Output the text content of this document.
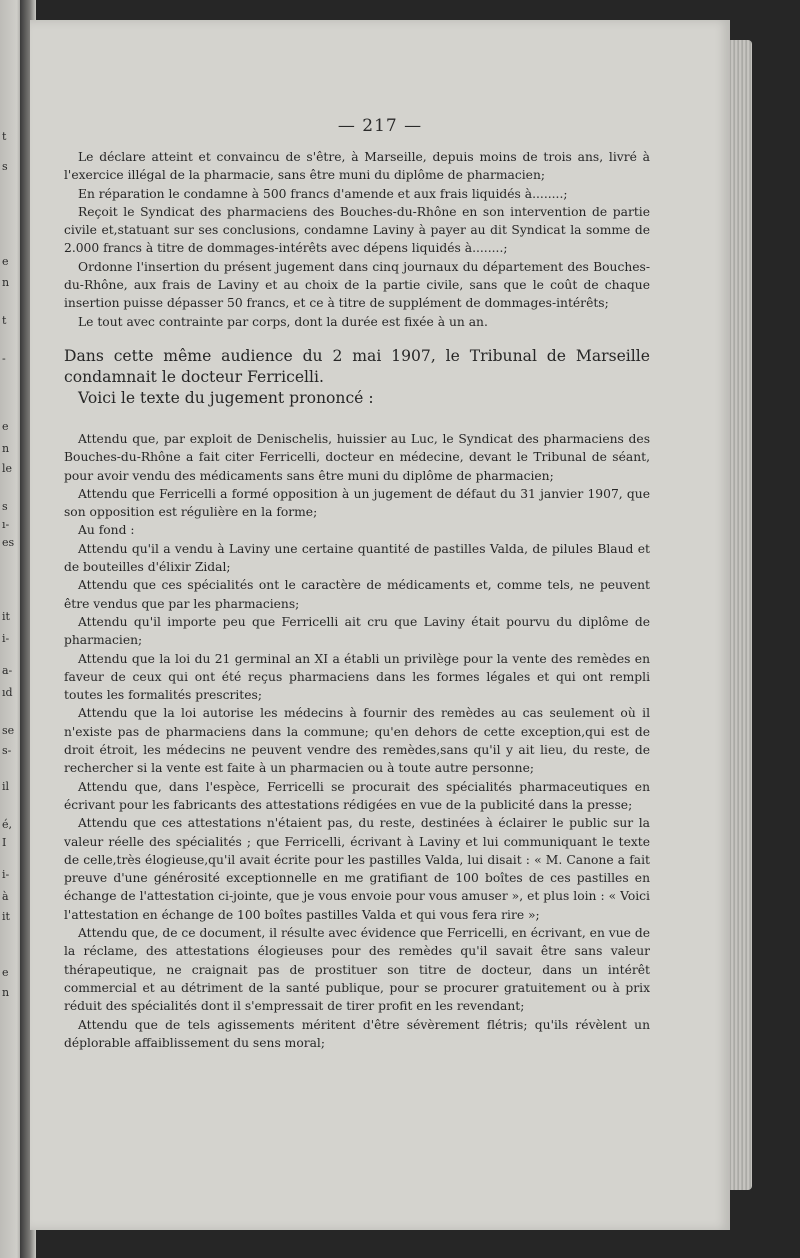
t
s
e
n
t
-
e
n
le
s
ı-
es
it
i-
a-
ıd
se
s-
il
é,
I
i-
à
it
e
n
— 217 —

Le déclare atteint et convaincu de s'être, à Marseille, depuis moins de trois ans, livré à l'exercice illégal de la pharmacie, sans être muni du diplôme de pharmacien;

En réparation le condamne à 500 francs d'amende et aux frais liquidés à........;

Reçoit le Syndicat des pharmaciens des Bouches-du-Rhône en son intervention de partie civile et,statuant sur ses conclusions, condamne Laviny à payer au dit Syndicat la somme de 2.000 francs à titre de dommages-intérêts avec dépens liquidés à........;

Ordonne l'insertion du présent jugement dans cinq journaux du département des Bouches-du-Rhône, aux frais de Laviny et au choix de la partie civile, sans que le coût de chaque insertion puisse dépasser 50 francs, et ce à titre de supplément de dommages-intérêts;

Le tout avec contrainte par corps, dont la durée est fixée à un an.

Dans cette même audience du 2 mai 1907, le Tribunal de Marseille condamnait le docteur Ferricelli.

Voici le texte du jugement prononcé :

Attendu que, par exploit de Denischelis, huissier au Luc, le Syndicat des pharmaciens des Bouches-du-Rhône a fait citer Ferricelli, docteur en médecine, devant le Tribunal de séant, pour avoir vendu des médicaments sans être muni du diplôme de pharmacien;

Attendu que Ferricelli a formé opposition à un jugement de défaut du 31 janvier 1907, que son opposition est régulière en la forme;

Au fond :

Attendu qu'il a vendu à Laviny une certaine quantité de pastilles Valda, de pilules Blaud et de bouteilles d'élixir Zidal;

Attendu que ces spécialités ont le caractère de médicaments et, comme tels, ne peuvent être vendus que par les pharmaciens;

Attendu qu'il importe peu que Ferricelli ait cru que Laviny était pourvu du diplôme de pharmacien;

Attendu que la loi du 21 germinal an XI a établi un privilège pour la vente des remèdes en faveur de ceux qui ont été reçus pharmaciens dans les formes légales et qui ont rempli toutes les formalités prescrites;

Attendu que la loi autorise les médecins à fournir des remèdes au cas seulement où il n'existe pas de pharmaciens dans la commune; qu'en dehors de cette exception,qui est de droit étroit, les médecins ne peuvent vendre des remèdes,sans qu'il y ait lieu, du reste, de rechercher si la vente est faite à un pharmacien ou à toute autre personne;

Attendu que, dans l'espèce, Ferricelli se procurait des spécialités pharmaceutiques en écrivant pour les fabricants des attestations rédigées en vue de la publicité dans la presse;

Attendu que ces attestations n'étaient pas, du reste, destinées à éclairer le public sur la valeur réelle des spécialités ; que Ferricelli, écrivant à Laviny et lui communiquant le texte de celle,très élogieuse,qu'il avait écrite pour les pastilles Valda, lui disait : « M. Canone a fait preuve d'une générosité exceptionnelle en me gratifiant de 100 boîtes de ces pastilles en échange de l'attestation ci-jointe, que je vous envoie pour vous amuser », et plus loin : « Voici l'attestation en échange de 100 boîtes pastilles Valda et qui vous fera rire »;

Attendu que, de ce document, il résulte avec évidence que Ferricelli, en écrivant, en vue de la réclame, des attestations élogieuses pour des remèdes qu'il savait être sans valeur thérapeutique, ne craignait pas de prostituer son titre de docteur, dans un intérêt commercial et au détriment de la santé publique, pour se procurer gratuitement ou à prix réduit des spécialités dont il s'empressait de tirer profit en les revendant;

Attendu que de tels agissements méritent d'être sévèrement flétris; qu'ils révèlent un déplorable affaiblissement du sens moral;
